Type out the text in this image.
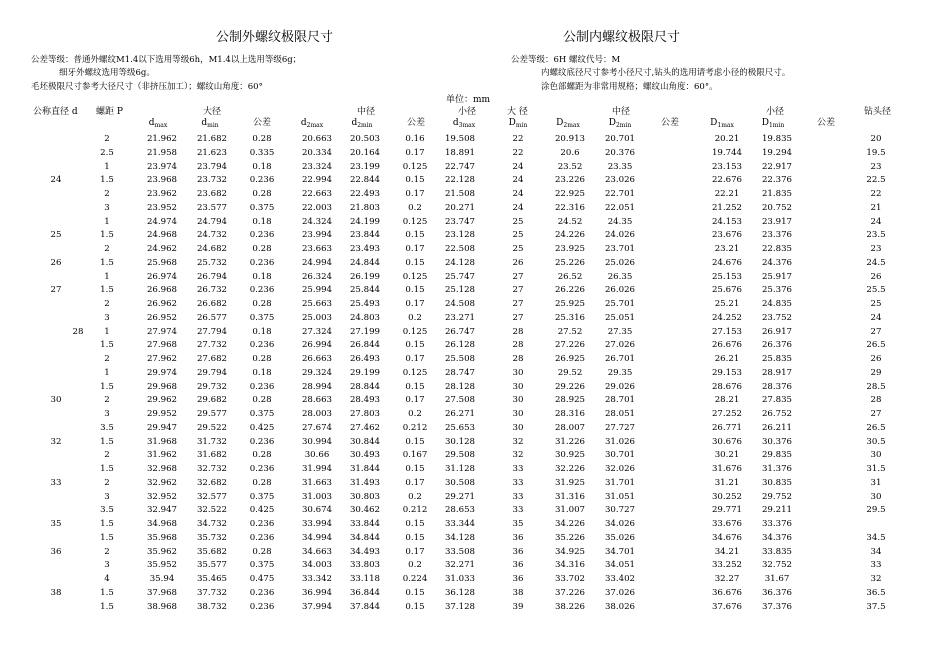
公制外螺纹极限尺寸	公制内螺纹极限尺寸
公差等级：普通外螺纹M1.4以下选用等级6h，M1.4以上选用等级6g；
细牙外螺纹选用等级6g。
毛坯极限尺寸参考大径尺寸（非挤压加工）；螺纹山角度：60°
公差等级：6H 螺纹代号：M
内螺纹底径尺寸参考小径尺寸,钻头的选用请考虑小径的极限尺寸。
涂色部螺距为非常用规格；螺纹山角度：60°。
单位：mm
公称直径 d 螺距 P	大径	中径	小径	大 径	中径	小径	钻头径
$d_{max}$	$d_{min}$	公差	$d_{2max}$	$d_{2min}$	公差	$d_{3max}$	$D_{min}$	$D_{2max}$	$D_{2min}$	公差	$D_{1max}$	$D_{1min}$	公差
2	21.962	21.682	0.28	20.663	20.503	0.16	19.508	22	20.913	20.701	20.21	19.835	20
2.5	21.958	21.623	0.335	20.334	20.164	0.17	18.891	22	20.6	20.376	19.744	19.294	19.5
1	23.974	23.794	0.18	23.324	23.199	0.125	22.747	24	23.52	23.35	23.153	22.917	23
24	1.5	23.968	23.732	0.236	22.994	22.844	0.15	22.128	24	23.226	23.026	22.676	22.376	22.5
2	23.962	23.682	0.28	22.663	22.493	0.17	21.508	24	22.925	22.701	22.21	21.835	22
3	23.952	23.577	0.375	22.003	21.803	0.2	20.271	24	22.316	22.051	21.252	20.752	21
1	24.974	24.794	0.18	24.324	24.199	0.125	23.747	25	24.52	24.35	24.153	23.917	24
25	1.5	24.968	24.732	0.236	23.994	23.844	0.15	23.128	25	24.226	24.026	23.676	23.376	23.5
2	24.962	24.682	0.28	23.663	23.493	0.17	22.508	25	23.925	23.701	23.21	22.835	23
26	1.5	25.968	25.732	0.236	24.994	24.844	0.15	24.128	26	25.226	25.026	24.676	24.376	24.5
1	26.974	26.794	0.18	26.324	26.199	0.125	25.747	27	26.52	26.35	25.153	25.917	26
27	1.5	26.968	26.732	0.236	25.994	25.844	0.15	25.128	27	26.226	26.026	25.676	25.376	25.5
2	26.962	26.682	0.28	25.663	25.493	0.17	24.508	27	25.925	25.701	25.21	24.835	25
3	26.952	26.577	0.375	25.003	24.803	0.2	23.271	27	25.316	25.051	24.252	23.752	24
28	1	27.974	27.794	0.18	27.324	27.199	0.125	26.747	28	27.52	27.35	27.153	26.917	27
1.5	27.968	27.732	0.236	26.994	26.844	0.15	26.128	28	27.226	27.026	26.676	26.376	26.5
2	27.962	27.682	0.28	26.663	26.493	0.17	25.508	28	26.925	26.701	26.21	25.835	26
1	29.974	29.794	0.18	29.324	29.199	0.125	28.747	30	29.52	29.35	29.153	28.917	29
1.5	29.968	29.732	0.236	28.994	28.844	0.15	28.128	30	29.226	29.026	28.676	28.376	28.5
30	2	29.962	29.682	0.28	28.663	28.493	0.17	27.508	30	28.925	28.701	28.21	27.835	28
3	29.952	29.577	0.375	28.003	27.803	0.2	26.271	30	28.316	28.051	27.252	26.752	27
3.5	29.947	29.522	0.425	27.674	27.462	0.212	25.653	30	28.007	27.727	26.771	26.211	26.5
32	1.5	31.968	31.732	0.236	30.994	30.844	0.15	30.128	32	31.226	31.026	30.676	30.376	30.5
2	31.962	31.682	0.28	30.66	30.493	0.167	29.508	32	30.925	30.701	30.21	29.835	30
1.5	32.968	32.732	0.236	31.994	31.844	0.15	31.128	33	32.226	32.026	31.676	31.376	31.5
33	2	32.962	32.682	0.28	31.663	31.493	0.17	30.508	33	31.925	31.701	31.21	30.835	31
3	32.952	32.577	0.375	31.003	30.803	0.2	29.271	33	31.316	31.051	30.252	29.752	30
3.5	32.947	32.522	0.425	30.674	30.462	0.212	28.653	33	31.007	30.727	29.771	29.211	29.5
35	1.5	34.968	34.732	0.236	33.994	33.844	0.15	33.344	35	34.226	34.026	33.676	33.376
1.5	35.968	35.732	0.236	34.994	34.844	0.15	34.128	36	35.226	35.026	34.676	34.376	34.5
36	2	35.962	35.682	0.28	34.663	34.493	0.17	33.508	36	34.925	34.701	34.21	33.835	34
3	35.952	35.577	0.375	34.003	33.803	0.2	32.271	36	34.316	34.051	33.252	32.752	33
4	35.94	35.465	0.475	33.342	33.118	0.224	31.033	36	33.702	33.402	32.27	31.67	32
38	1.5	37.968	37.732	0.236	36.994	36.844	0.15	36.128	38	37.226	37.026	36.676	36.376	36.5
1.5	38.968	38.732	0.236	37.994	37.844	0.15	37.128	39	38.226	38.026	37.676	37.376	37.5
